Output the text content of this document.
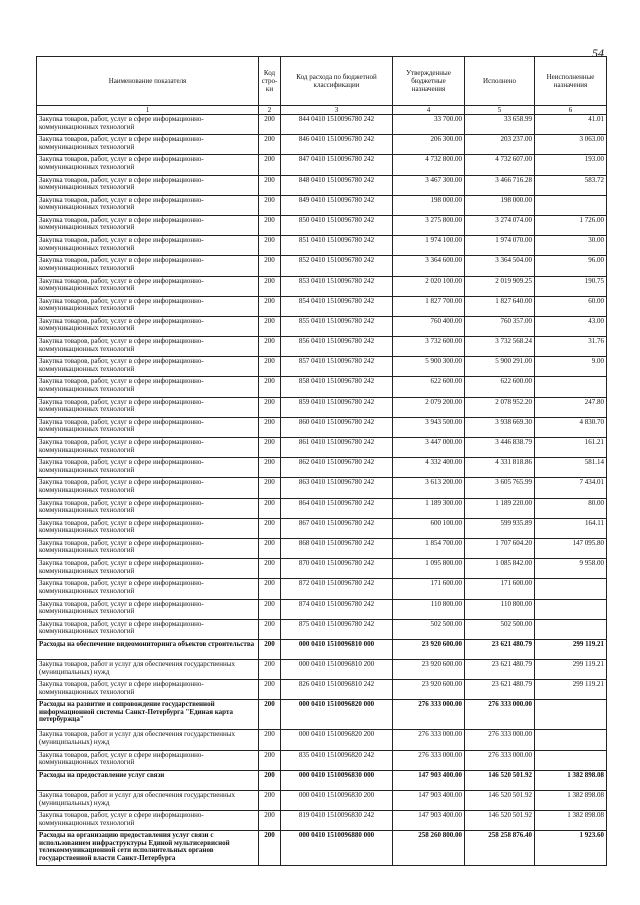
54
Наименование показателя	Код стро-ки	Код расхода по бюджетной классификации	Утвержденные бюджетные назначения	Исполнено	Неисполненные назначения
1	2	3	4	5	6
Закупка товаров, работ, услуг в сфере информационно-коммуникационных технологий	200	844 0410 1510096780 242	33 700.00	33 658.99	41.01
Закупка товаров, работ, услуг в сфере информационно-коммуникационных технологий	200	846 0410 1510096780 242	206 300.00	203 237.00	3 063.00
Закупка товаров, работ, услуг в сфере информационно-коммуникационных технологий	200	847 0410 1510096780 242	4 732 800.00	4 732 607.00	193.00
Закупка товаров, работ, услуг в сфере информационно-коммуникационных технологий	200	848 0410 1510096780 242	3 467 300.00	3 466 716.28	583.72
Закупка товаров, работ, услуг в сфере информационно-коммуникационных технологий	200	849 0410 1510096780 242	198 000.00	198 000.00	
Закупка товаров, работ, услуг в сфере информационно-коммуникационных технологий	200	850 0410 1510096780 242	3 275 800.00	3 274 074.00	1 726.00
Закупка товаров, работ, услуг в сфере информационно-коммуникационных технологий	200	851 0410 1510096780 242	1 974 100.00	1 974 070.00	30.00
Закупка товаров, работ, услуг в сфере информационно-коммуникационных технологий	200	852 0410 1510096780 242	3 364 600.00	3 364 504.00	96.00
Закупка товаров, работ, услуг в сфере информационно-коммуникационных технологий	200	853 0410 1510096780 242	2 020 100.00	2 019 909.25	190.75
Закупка товаров, работ, услуг в сфере информационно-коммуникационных технологий	200	854 0410 1510096780 242	1 827 700.00	1 827 640.00	60.00
Закупка товаров, работ, услуг в сфере информационно-коммуникационных технологий	200	855 0410 1510096780 242	760 400.00	760 357.00	43.00
Закупка товаров, работ, услуг в сфере информационно-коммуникационных технологий	200	856 0410 1510096780 242	3 732 600.00	3 732 568.24	31.76
Закупка товаров, работ, услуг в сфере информационно-коммуникационных технологий	200	857 0410 1510096780 242	5 900 300.00	5 900 291.00	9.00
Закупка товаров, работ, услуг в сфере информационно-коммуникационных технологий	200	858 0410 1510096780 242	622 600.00	622 600.00	
Закупка товаров, работ, услуг в сфере информационно-коммуникационных технологий	200	859 0410 1510096780 242	2 079 200.00	2 078 952.20	247.80
Закупка товаров, работ, услуг в сфере информационно-коммуникационных технологий	200	860 0410 1510096780 242	3 943 500.00	3 938 669.30	4 830.70
Закупка товаров, работ, услуг в сфере информационно-коммуникационных технологий	200	861 0410 1510096780 242	3 447 000.00	3 446 838.79	161.21
Закупка товаров, работ, услуг в сфере информационно-коммуникационных технологий	200	862 0410 1510096780 242	4 332 400.00	4 331 818.86	581.14
Закупка товаров, работ, услуг в сфере информационно-коммуникационных технологий	200	863 0410 1510096780 242	3 613 200.00	3 605 765.99	7 434.01
Закупка товаров, работ, услуг в сфере информационно-коммуникационных технологий	200	864 0410 1510096780 242	1 189 300.00	1 189 220.00	80.00
Закупка товаров, работ, услуг в сфере информационно-коммуникационных технологий	200	867 0410 1510096780 242	600 100.00	599 935.89	164.11
Закупка товаров, работ, услуг в сфере информационно-коммуникационных технологий	200	868 0410 1510096780 242	1 854 700.00	1 707 604.20	147 095.80
Закупка товаров, работ, услуг в сфере информационно-коммуникационных технологий	200	870 0410 1510096780 242	1 095 800.00	1 085 842.00	9 958.00
Закупка товаров, работ, услуг в сфере информационно-коммуникационных технологий	200	872 0410 1510096780 242	171 600.00	171 600.00	
Закупка товаров, работ, услуг в сфере информационно-коммуникационных технологий	200	874 0410 1510096780 242	110 800.00	110 800.00	
Закупка товаров, работ, услуг в сфере информационно-коммуникационных технологий	200	875 0410 1510096780 242	502 500.00	502 500.00	
Расходы на обеспечение видеомониторинга объектов строительства	200	000 0410 1510096810 000	23 920 600.00	23 621 480.79	299 119.21
Закупка товаров, работ и услуг для обеспечения государственных (муниципальных) нужд	200	000 0410 1510096810 200	23 920 600.00	23 621 480.79	299 119.21
Закупка товаров, работ, услуг в сфере информационно-коммуникационных технологий	200	826 0410 1510096810 242	23 920 600.00	23 621 480.79	299 119.21
Расходы на развитие и сопровождение государственной информационной системы Санкт-Петербурга "Единая карта петербуржца"	200	000 0410 1510096820 000	276 333 000.00	276 333 000.00	
Закупка товаров, работ и услуг для обеспечения государственных (муниципальных) нужд	200	000 0410 1510096820 200	276 333 000.00	276 333 000.00	
Закупка товаров, работ, услуг в сфере информационно-коммуникационных технологий	200	835 0410 1510096820 242	276 333 000.00	276 333 000.00	
Расходы на предоставление услуг связи	200	000 0410 1510096830 000	147 903 400.00	146 520 501.92	1 382 898.08
Закупка товаров, работ и услуг для обеспечения государственных (муниципальных) нужд	200	000 0410 1510096830 200	147 903 400.00	146 520 501.92	1 382 898.08
Закупка товаров, работ, услуг в сфере информационно-коммуникационных технологий	200	819 0410 1510096830 242	147 903 400.00	146 520 501.92	1 382 898.08
Расходы на организацию предоставления услуг связи с использованием инфраструктуры Единой мультисервисной телекоммуникационной сети исполнительных органов государственной власти Санкт-Петербурга	200	000 0410 1510096880 000	258 260 800.00	258 258 876.40	1 923.60
